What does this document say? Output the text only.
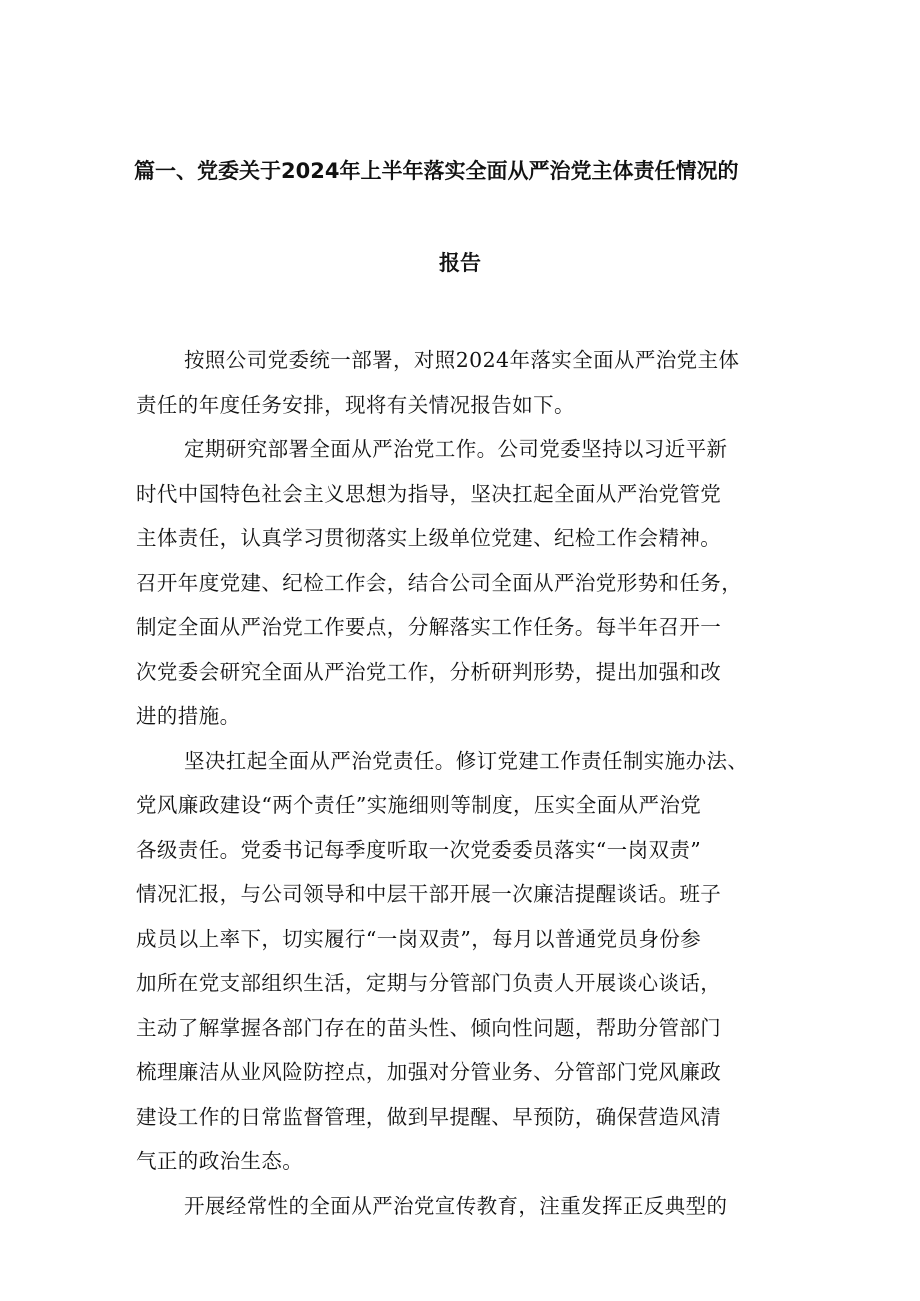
篇一、党委关于2024年上半年落实全面从严治党主体责任情况的
报告
按照公司党委统一部署，对照2024年落实全面从严治党主体
责任的年度任务安排，现将有关情况报告如下。
定期研究部署全面从严治党工作。公司党委坚持以习近平新
时代中国特色社会主义思想为指导，坚决扛起全面从严治党管党
主体责任，认真学习贯彻落实上级单位党建、纪检工作会精神。
召开年度党建、纪检工作会，结合公司全面从严治党形势和任务，
制定全面从严治党工作要点，分解落实工作任务。每半年召开一
次党委会研究全面从严治党工作，分析研判形势，提出加强和改
进的措施。
坚决扛起全面从严治党责任。修订党建工作责任制实施办法、
党风廉政建设“两个责任”实施细则等制度，压实全面从严治党
各级责任。党委书记每季度听取一次党委委员落实“一岗双责”
情况汇报，与公司领导和中层干部开展一次廉洁提醒谈话。班子
成员以上率下，切实履行“一岗双责”，每月以普通党员身份参
加所在党支部组织生活，定期与分管部门负责人开展谈心谈话，
主动了解掌握各部门存在的苗头性、倾向性问题，帮助分管部门
梳理廉洁从业风险防控点，加强对分管业务、分管部门党风廉政
建设工作的日常监督管理，做到早提醒、早预防，确保营造风清
气正的政治生态。
开展经常性的全面从严治党宣传教育，注重发挥正反典型的
